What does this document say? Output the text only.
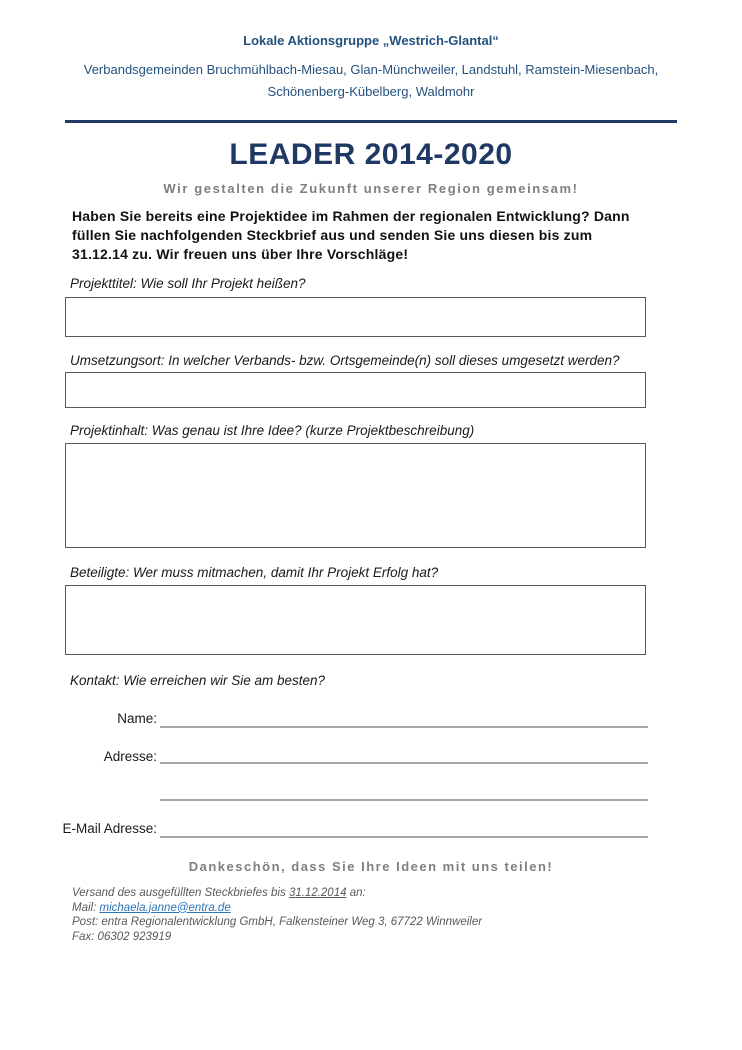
Lokale Aktionsgruppe „Westrich-Glantal“
Verbandsgemeinden Bruchmühlbach-Miesau, Glan-Münchweiler, Landstuhl, Ramstein-Miesenbach,
Schönenberg-Kübelberg, Waldmohr
LEADER 2014-2020
Wir gestalten die Zukunft unserer Region gemeinsam!
Haben Sie bereits eine Projektidee im Rahmen der regionalen Entwicklung? Dann
füllen Sie nachfolgenden Steckbrief aus und senden Sie uns diesen bis zum
31.12.14 zu. Wir freuen uns über Ihre Vorschläge!
Projekttitel: Wie soll Ihr Projekt heißen?
Umsetzungsort: In welcher Verbands- bzw. Ortsgemeinde(n) soll dieses umgesetzt werden?
Projektinhalt: Was genau ist Ihre Idee? (kurze Projektbeschreibung)
Beteiligte: Wer muss mitmachen, damit Ihr Projekt Erfolg hat?
Kontakt: Wie erreichen wir Sie am besten?
Name:
Adresse:
E-Mail Adresse:
Dankeschön, dass Sie Ihre Ideen mit uns teilen!
Versand des ausgefüllten Steckbriefes bis 31.12.2014 an:
Mail: michaela.janne@entra.de
Post: entra Regionalentwicklung GmbH, Falkensteiner Weg 3, 67722 Winnweiler
Fax: 06302 923919
